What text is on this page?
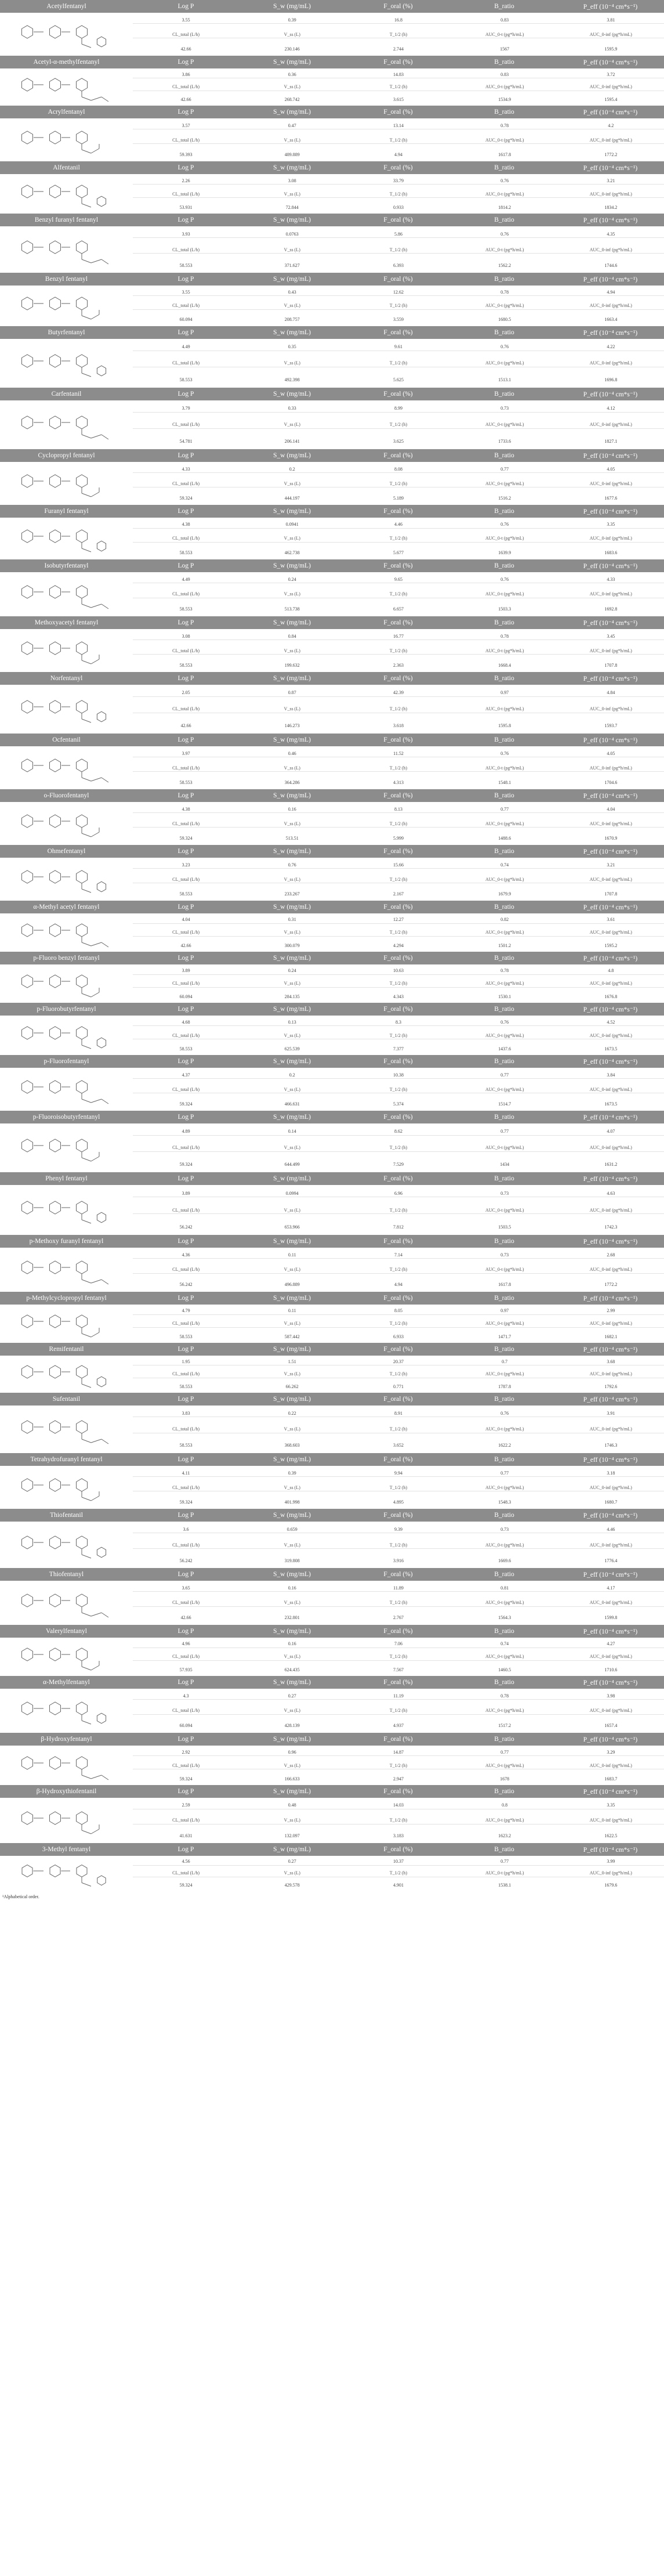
Acetylfentanyl	Log P	S_w (mg/mL)	F_oral (%)	B_ratio	P_eff (10⁻⁴ cm*s⁻¹)
3.55	0.39	16.8	0.83	3.81
CL_total (L/h)	V_ss (L)	T_1/2 (h)	AUC_0-t (pg*h/mL)	AUC_0-inf (pg*h/mL)
42.66	230.146	2.744	1567	1595.9
Acetyl-α-methylfentanyl	Log P	S_w (mg/mL)	F_oral (%)	B_ratio	P_eff (10⁻⁴ cm*s⁻¹)
3.86	0.36	14.83	0.83	3.72
CL_total (L/h)	V_ss (L)	T_1/2 (h)	AUC_0-t (pg*h/mL)	AUC_0-inf (pg*h/mL)
42.66	268.742	3.615	1534.9	1595.4
Acrylfentanyl	Log P	S_w (mg/mL)	F_oral (%)	B_ratio	P_eff (10⁻⁴ cm*s⁻¹)
3.57	0.47	13.14	0.78	4.2
CL_total (L/h)	V_ss (L)	T_1/2 (h)	AUC_0-t (pg*h/mL)	AUC_0-inf (pg*h/mL)
59.393	489.889	4.94	1617.8	1772.2
Alfentanil	Log P	S_w (mg/mL)	F_oral (%)	B_ratio	P_eff (10⁻⁴ cm*s⁻¹)
2.26	3.08	33.79	0.76	3.21
CL_total (L/h)	V_ss (L)	T_1/2 (h)	AUC_0-t (pg*h/mL)	AUC_0-inf (pg*h/mL)
53.931	72.844	0.933	1814.2	1834.2
Benzyl furanyl fentanyl	Log P	S_w (mg/mL)	F_oral (%)	B_ratio	P_eff (10⁻⁴ cm*s⁻¹)
3.93	0.0763	5.86	0.76	4.35
CL_total (L/h)	V_ss (L)	T_1/2 (h)	AUC_0-t (pg*h/mL)	AUC_0-inf (pg*h/mL)
58.553	371.627	6.393	1562.2	1744.6
Benzyl fentanyl	Log P	S_w (mg/mL)	F_oral (%)	B_ratio	P_eff (10⁻⁴ cm*s⁻¹)
3.55	0.43	12.62	0.78	4.94
CL_total (L/h)	V_ss (L)	T_1/2 (h)	AUC_0-t (pg*h/mL)	AUC_0-inf (pg*h/mL)
60.094	208.757	3.559	1680.5	1663.4
Butyrfentanyl	Log P	S_w (mg/mL)	F_oral (%)	B_ratio	P_eff (10⁻⁴ cm*s⁻¹)
4.49	0.35	9.61	0.76	4.22
CL_total (L/h)	V_ss (L)	T_1/2 (h)	AUC_0-t (pg*h/mL)	AUC_0-inf (pg*h/mL)
58.553	492.398	5.625	1513.1	1696.8
Carfentanil	Log P	S_w (mg/mL)	F_oral (%)	B_ratio	P_eff (10⁻⁴ cm*s⁻¹)
3.79	0.33	8.99	0.73	4.12
CL_total (L/h)	V_ss (L)	T_1/2 (h)	AUC_0-t (pg*h/mL)	AUC_0-inf (pg*h/mL)
54.781	206.141	3.625	1733.6	1827.1
Cyclopropyl fentanyl	Log P	S_w (mg/mL)	F_oral (%)	B_ratio	P_eff (10⁻⁴ cm*s⁻¹)
4.33	0.2	8.08	0.77	4.05
CL_total (L/h)	V_ss (L)	T_1/2 (h)	AUC_0-t (pg*h/mL)	AUC_0-inf (pg*h/mL)
59.324	444.197	5.189	1516.2	1677.6
Furanyl fentanyl	Log P	S_w (mg/mL)	F_oral (%)	B_ratio	P_eff (10⁻⁴ cm*s⁻¹)
4.38	0.0941	4.46	0.76	3.35
CL_total (L/h)	V_ss (L)	T_1/2 (h)	AUC_0-t (pg*h/mL)	AUC_0-inf (pg*h/mL)
58.553	462.738	5.677	1639.9	1683.6
Isobutyrfentanyl	Log P	S_w (mg/mL)	F_oral (%)	B_ratio	P_eff (10⁻⁴ cm*s⁻¹)
4.49	0.24	9.65	0.76	4.33
CL_total (L/h)	V_ss (L)	T_1/2 (h)	AUC_0-t (pg*h/mL)	AUC_0-inf (pg*h/mL)
58.553	513.738	6.657	1503.3	1692.8
Methoxyacetyl fentanyl	Log P	S_w (mg/mL)	F_oral (%)	B_ratio	P_eff (10⁻⁴ cm*s⁻¹)
3.08	0.84	16.77	0.78	3.45
CL_total (L/h)	V_ss (L)	T_1/2 (h)	AUC_0-t (pg*h/mL)	AUC_0-inf (pg*h/mL)
58.553	199.632	2.363	1668.4	1707.8
Norfentanyl	Log P	S_w (mg/mL)	F_oral (%)	B_ratio	P_eff (10⁻⁴ cm*s⁻¹)
2.05	0.87	42.39	0.97	4.84
CL_total (L/h)	V_ss (L)	T_1/2 (h)	AUC_0-t (pg*h/mL)	AUC_0-inf (pg*h/mL)
42.66	146.273	3.618	1595.8	1593.7
Ocfentanil	Log P	S_w (mg/mL)	F_oral (%)	B_ratio	P_eff (10⁻⁴ cm*s⁻¹)
3.97	0.46	11.52	0.76	4.05
CL_total (L/h)	V_ss (L)	T_1/2 (h)	AUC_0-t (pg*h/mL)	AUC_0-inf (pg*h/mL)
58.553	364.286	4.313	1548.1	1704.6
o-Fluorofentanyl	Log P	S_w (mg/mL)	F_oral (%)	B_ratio	P_eff (10⁻⁴ cm*s⁻¹)
4.38	0.16	8.13	0.77	4.04
CL_total (L/h)	V_ss (L)	T_1/2 (h)	AUC_0-t (pg*h/mL)	AUC_0-inf (pg*h/mL)
59.324	513.51	5.999	1488.6	1670.9
Ohmefentanyl	Log P	S_w (mg/mL)	F_oral (%)	B_ratio	P_eff (10⁻⁴ cm*s⁻¹)
3.23	0.76	15.66	0.74	3.21
CL_total (L/h)	V_ss (L)	T_1/2 (h)	AUC_0-t (pg*h/mL)	AUC_0-inf (pg*h/mL)
58.553	233.267	2.167	1679.9	1707.8
α-Methyl acetyl fentanyl	Log P	S_w (mg/mL)	F_oral (%)	B_ratio	P_eff (10⁻⁴ cm*s⁻¹)
4.04	0.31	12.27	0.82	3.61
CL_total (L/h)	V_ss (L)	T_1/2 (h)	AUC_0-t (pg*h/mL)	AUC_0-inf (pg*h/mL)
42.66	300.079	4.294	1501.2	1595.2
p-Fluoro benzyl fentanyl	Log P	S_w (mg/mL)	F_oral (%)	B_ratio	P_eff (10⁻⁴ cm*s⁻¹)
3.89	0.24	10.63	0.78	4.8
CL_total (L/h)	V_ss (L)	T_1/2 (h)	AUC_0-t (pg*h/mL)	AUC_0-inf (pg*h/mL)
60.094	284.135	4.343	1530.1	1676.8
p-Fluorobutyrfentanyl	Log P	S_w (mg/mL)	F_oral (%)	B_ratio	P_eff (10⁻⁴ cm*s⁻¹)
4.68	0.13	8.3	0.76	4.52
CL_total (L/h)	V_ss (L)	T_1/2 (h)	AUC_0-t (pg*h/mL)	AUC_0-inf (pg*h/mL)
58.553	625.539	7.377	1437.6	1673.5
p-Fluorofentanyl	Log P	S_w (mg/mL)	F_oral (%)	B_ratio	P_eff (10⁻⁴ cm*s⁻¹)
4.37	0.2	10.38	0.77	3.84
CL_total (L/h)	V_ss (L)	T_1/2 (h)	AUC_0-t (pg*h/mL)	AUC_0-inf (pg*h/mL)
59.324	466.631	5.374	1514.7	1673.5
p-Fluoroisobutyrfentanyl	Log P	S_w (mg/mL)	F_oral (%)	B_ratio	P_eff (10⁻⁴ cm*s⁻¹)
4.89	0.14	8.62	0.77	4.07
CL_total (L/h)	V_ss (L)	T_1/2 (h)	AUC_0-t (pg*h/mL)	AUC_0-inf (pg*h/mL)
59.324	644.499	7.529	1434	1631.2
Phenyl fentanyl	Log P	S_w (mg/mL)	F_oral (%)	B_ratio	P_eff (10⁻⁴ cm*s⁻¹)
3.89	0.0994	6.96	0.73	4.63
CL_total (L/h)	V_ss (L)	T_1/2 (h)	AUC_0-t (pg*h/mL)	AUC_0-inf (pg*h/mL)
56.242	653.966	7.812	1503.5	1742.3
p-Methoxy furanyl fentanyl	Log P	S_w (mg/mL)	F_oral (%)	B_ratio	P_eff (10⁻⁴ cm*s⁻¹)
4.36	0.11	7.14	0.73	2.68
CL_total (L/h)	V_ss (L)	T_1/2 (h)	AUC_0-t (pg*h/mL)	AUC_0-inf (pg*h/mL)
56.242	496.889	4.94	1617.8	1772.2
p-Methylcyclopropyl fentanyl	Log P	S_w (mg/mL)	F_oral (%)	B_ratio	P_eff (10⁻⁴ cm*s⁻¹)
4.79	0.11	8.05	0.97	2.99
CL_total (L/h)	V_ss (L)	T_1/2 (h)	AUC_0-t (pg*h/mL)	AUC_0-inf (pg*h/mL)
58.553	587.442	6.933	1471.7	1682.1
Remifentanil	Log P	S_w (mg/mL)	F_oral (%)	B_ratio	P_eff (10⁻⁴ cm*s⁻¹)
1.95	1.51	20.37	0.7	3.68
CL_total (L/h)	V_ss (L)	T_1/2 (h)	AUC_0-t (pg*h/mL)	AUC_0-inf (pg*h/mL)
58.553	66.262	0.771	1787.8	1792.6
Sufentanil	Log P	S_w (mg/mL)	F_oral (%)	B_ratio	P_eff (10⁻⁴ cm*s⁻¹)
3.83	0.22	8.91	0.76	3.91
CL_total (L/h)	V_ss (L)	T_1/2 (h)	AUC_0-t (pg*h/mL)	AUC_0-inf (pg*h/mL)
58.553	368.603	3.652	1622.2	1746.3
Tetrahydrofuranyl fentanyl	Log P	S_w (mg/mL)	F_oral (%)	B_ratio	P_eff (10⁻⁴ cm*s⁻¹)
4.11	0.39	9.94	0.77	3.18
CL_total (L/h)	V_ss (L)	T_1/2 (h)	AUC_0-t (pg*h/mL)	AUC_0-inf (pg*h/mL)
59.324	401.998	4.895	1548.3	1680.7
Thiofentanil	Log P	S_w (mg/mL)	F_oral (%)	B_ratio	P_eff (10⁻⁴ cm*s⁻¹)
3.6	0.659	9.39	0.73	4.46
CL_total (L/h)	V_ss (L)	T_1/2 (h)	AUC_0-t (pg*h/mL)	AUC_0-inf (pg*h/mL)
56.242	319.808	3.916	1669.6	1776.4
Thiofentanyl	Log P	S_w (mg/mL)	F_oral (%)	B_ratio	P_eff (10⁻⁴ cm*s⁻¹)
3.65	0.16	11.89	0.81	4.17
CL_total (L/h)	V_ss (L)	T_1/2 (h)	AUC_0-t (pg*h/mL)	AUC_0-inf (pg*h/mL)
42.66	232.801	2.767	1564.3	1599.8
Valerylfentanyl	Log P	S_w (mg/mL)	F_oral (%)	B_ratio	P_eff (10⁻⁴ cm*s⁻¹)
4.96	0.16	7.06	0.74	4.27
CL_total (L/h)	V_ss (L)	T_1/2 (h)	AUC_0-t (pg*h/mL)	AUC_0-inf (pg*h/mL)
57.935	624.435	7.567	1460.5	1710.6
α-Methylfentanyl	Log P	S_w (mg/mL)	F_oral (%)	B_ratio	P_eff (10⁻⁴ cm*s⁻¹)
4.3	0.27	11.19	0.78	3.98
CL_total (L/h)	V_ss (L)	T_1/2 (h)	AUC_0-t (pg*h/mL)	AUC_0-inf (pg*h/mL)
60.094	428.139	4.937	1517.2	1657.4
β-Hydroxyfentanyl	Log P	S_w (mg/mL)	F_oral (%)	B_ratio	P_eff (10⁻⁴ cm*s⁻¹)
2.92	0.96	14.87	0.77	3.29
CL_total (L/h)	V_ss (L)	T_1/2 (h)	AUC_0-t (pg*h/mL)	AUC_0-inf (pg*h/mL)
59.324	166.633	2.947	1678	1683.7
β-Hydroxythiofentanil	Log P	S_w (mg/mL)	F_oral (%)	B_ratio	P_eff (10⁻⁴ cm*s⁻¹)
2.59	0.48	14.03	0.8	3.35
CL_total (L/h)	V_ss (L)	T_1/2 (h)	AUC_0-t (pg*h/mL)	AUC_0-inf (pg*h/mL)
41.631	132.097	3.183	1623.2	1622.5
3-Methyl fentanyl	Log P	S_w (mg/mL)	F_oral (%)	B_ratio	P_eff (10⁻⁴ cm*s⁻¹)
4.56	0.27	10.37	0.77	3.99
CL_total (L/h)	V_ss (L)	T_1/2 (h)	AUC_0-t (pg*h/mL)	AUC_0-inf (pg*h/mL)
59.324	429.578	4.901	1538.1	1679.6
¹Alphabetical order.
